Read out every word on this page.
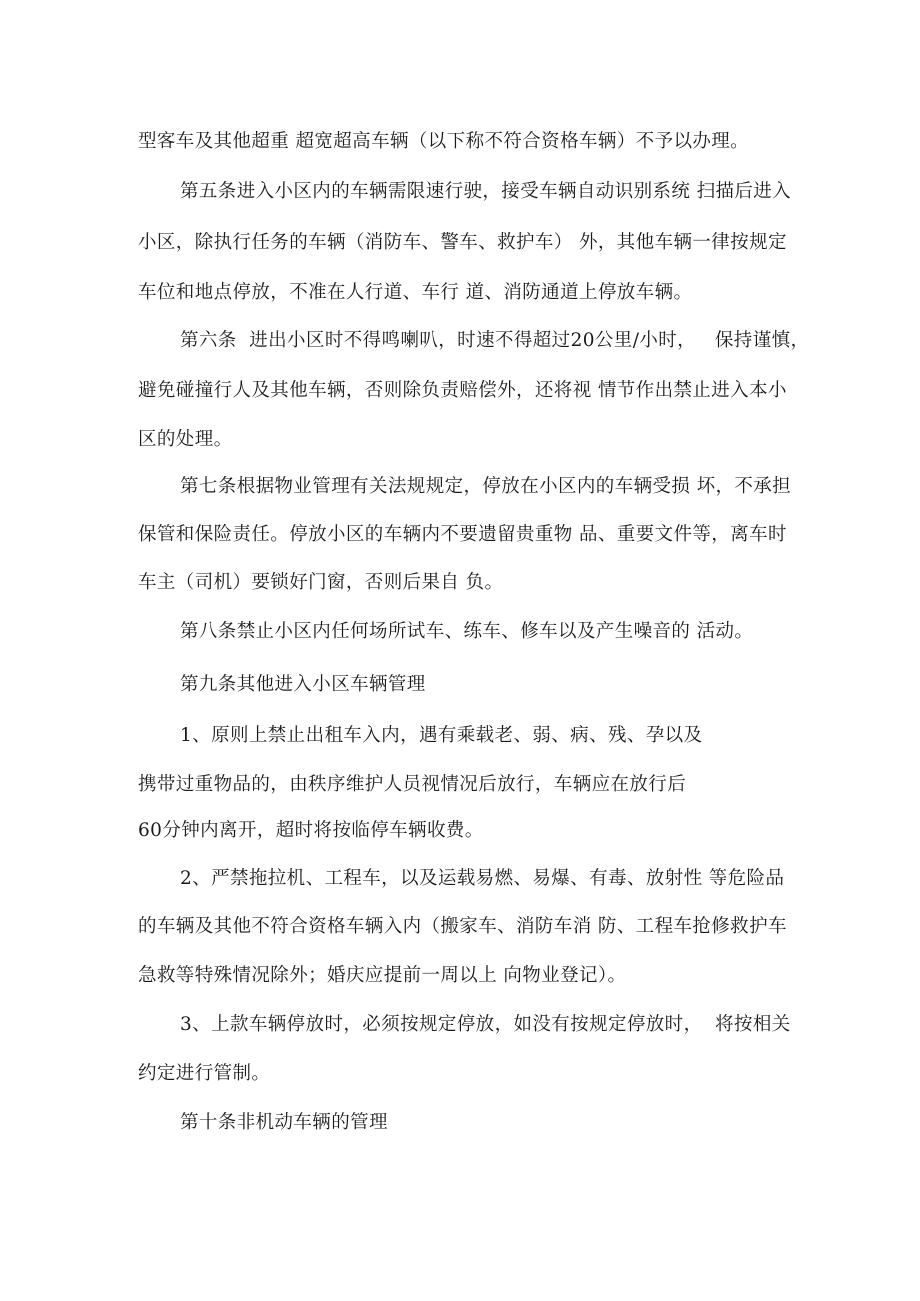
型客车及其他超重 超宽超高车辆（以下称不符合资格车辆）不予以办理。
第五条进入小区内的车辆需限速行驶，接受车辆自动识别系统 扫描后进入
小区，除执行任务的车辆（消防车、警车、救护车） 外，其他车辆一律按规定
车位和地点停放，不准在人行道、车行 道、消防通道上停放车辆。
第六条  进出小区时不得鸣喇叭，时速不得超过20公里/小时，   保持谨慎，
避免碰撞行人及其他车辆，否则除负责赔偿外，还将视 情节作出禁止进入本小
区的处理。
第七条根据物业管理有关法规规定，停放在小区内的车辆受损 坏，不承担
保管和保险责任。停放小区的车辆内不要遗留贵重物 品、重要文件等，离车时
车主（司机）要锁好门窗，否则后果自 负。
第八条禁止小区内任何场所试车、练车、修车以及产生噪音的 活动。
第九条其他进入小区车辆管理
1、原则上禁止出租车入内，遇有乘载老、弱、病、残、孕以及
携带过重物品的，由秩序维护人员视情况后放行，车辆应在放行后
60分钟内离开，超时将按临停车辆收费。
2、严禁拖拉机、工程车，以及运载易燃、易爆、有毒、放射性 等危险品
的车辆及其他不符合资格车辆入内（搬家车、消防车消 防、工程车抢修救护车
急救等特殊情况除外；婚庆应提前一周以上 向物业登记）。
3、上款车辆停放时，必须按规定停放，如没有按规定停放时，  将按相关
约定进行管制。
第十条非机动车辆的管理
